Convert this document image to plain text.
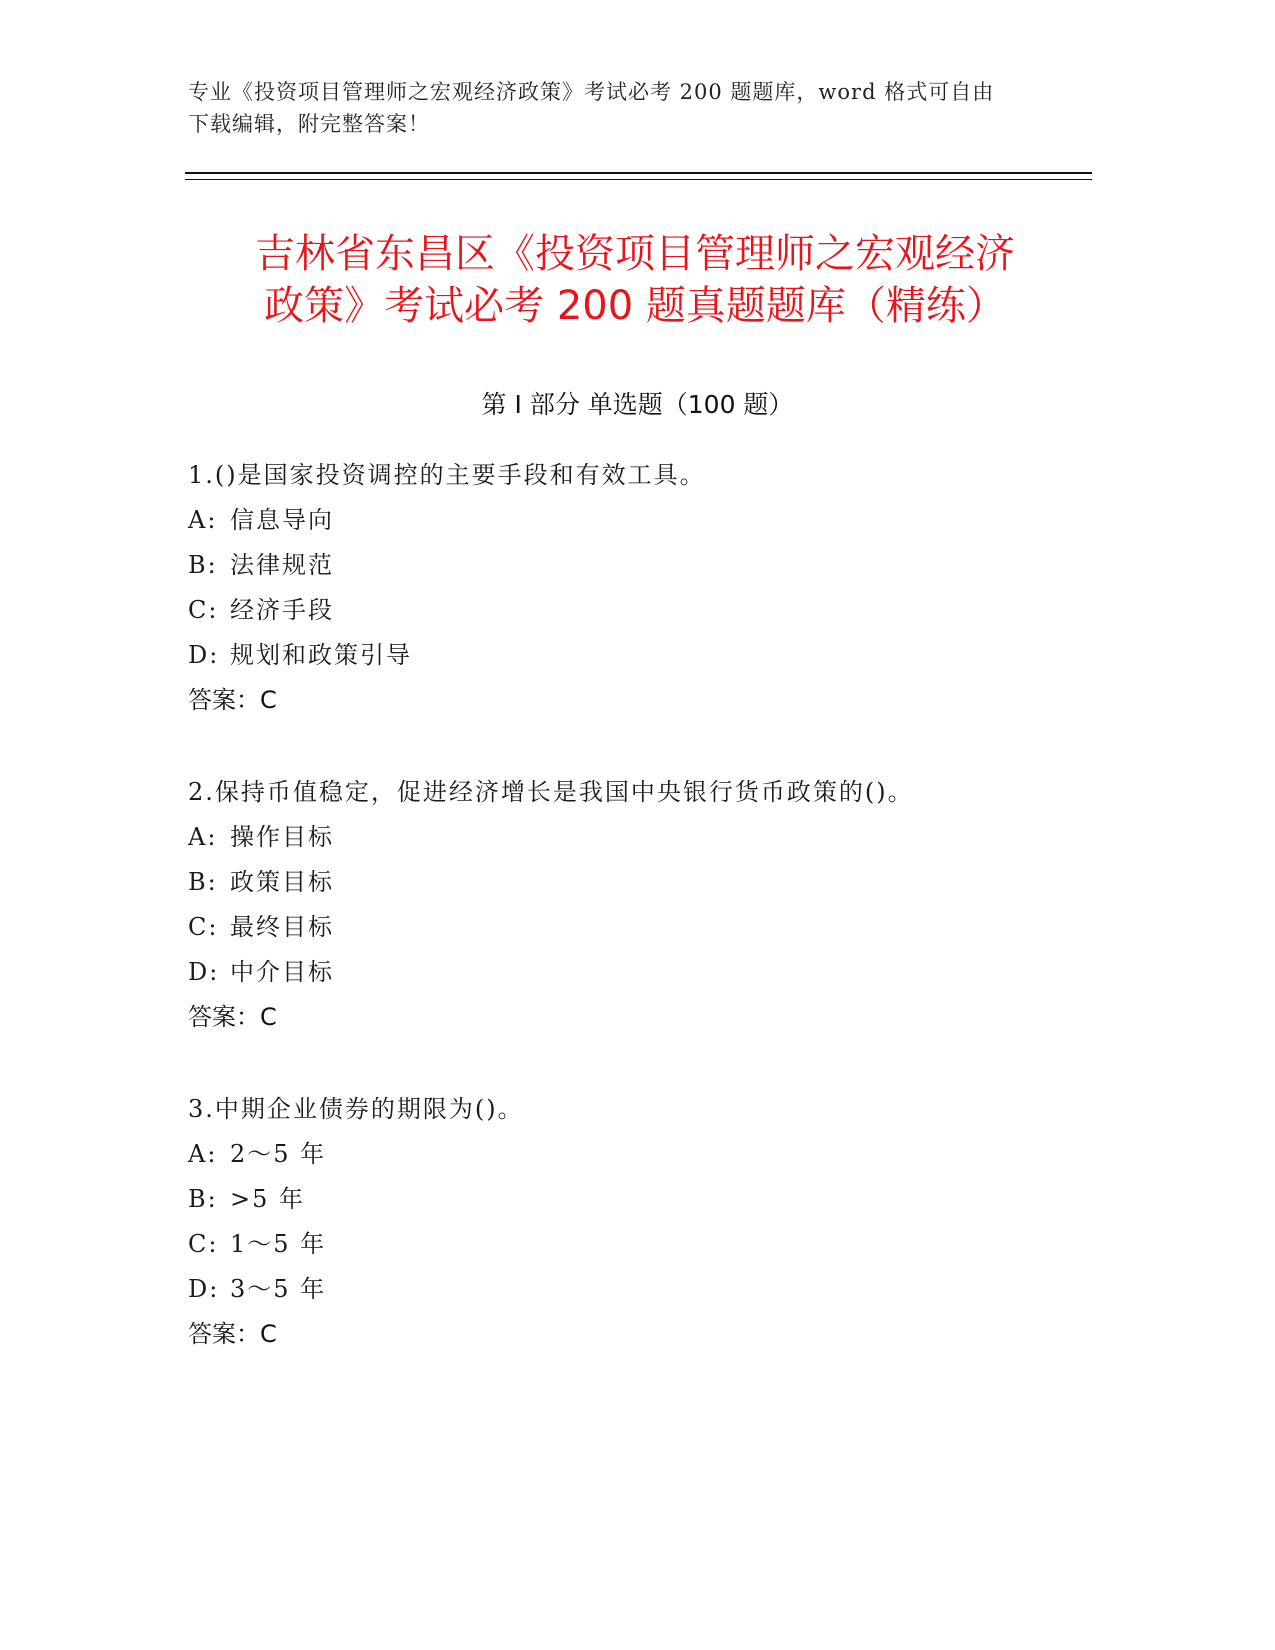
专业《投资项目管理师之宏观经济政策》考试必考 200 题题库，word 格式可自由
下载编辑，附完整答案！
吉林省东昌区《投资项目管理师之宏观经济
政策》考试必考 200 题真题题库（精练）
第 I 部分 单选题（100 题）
1.()是国家投资调控的主要手段和有效工具。
A: 信息导向
B: 法律规范
C: 经济手段
D: 规划和政策引导
答案：C
2.保持币值稳定，促进经济增长是我国中央银行货币政策的()。
A: 操作目标
B: 政策目标
C: 最终目标
D: 中介目标
答案：C
3.中期企业债券的期限为()。
A: 2～5 年
B: >5 年
C: 1～5 年
D: 3～5 年
答案：C
